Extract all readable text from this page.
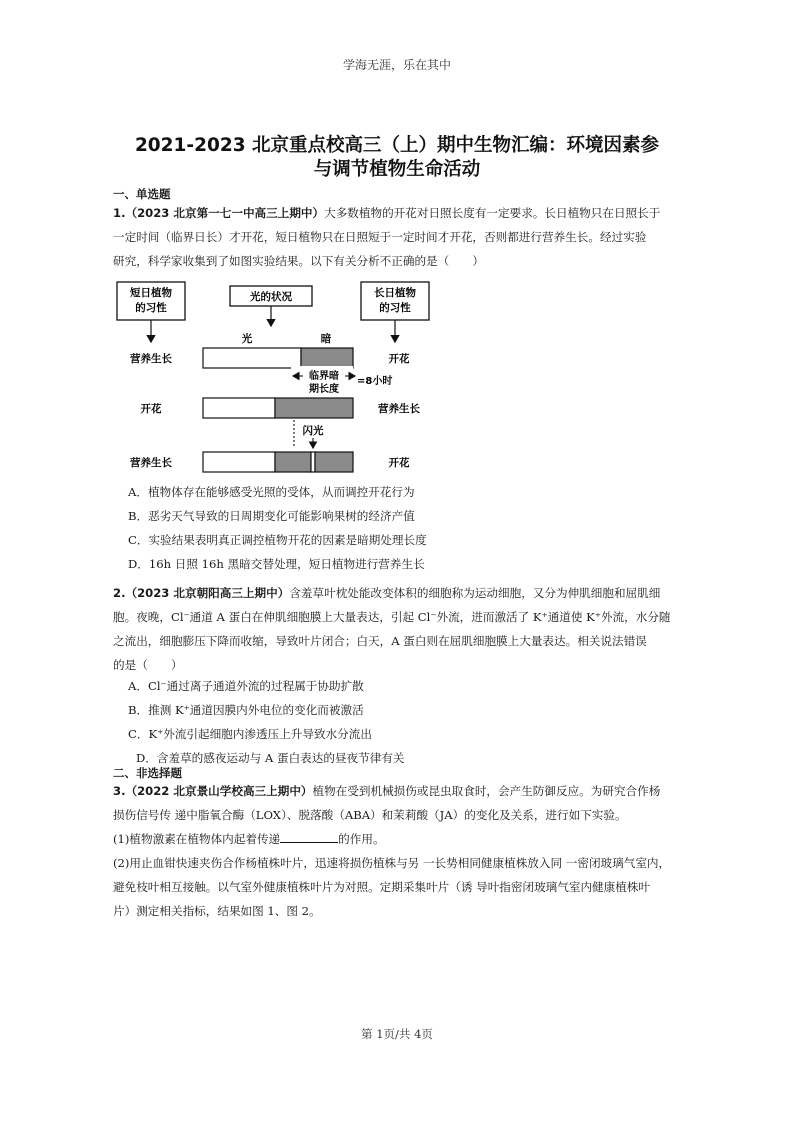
学海无涯，乐在其中
2021-2023 北京重点校高三（上）期中生物汇编：环境因素参
与调节植物生命活动
一、单选题
1.（2023 北京第一七一中高三上期中）大多数植物的开花对日照长度有一定要求。长日植物只在日照长于
一定时间（临界日长）才开花，短日植物只在日照短于一定时间才开花，否则都进行营养生长。经过实验
研究，科学家收集到了如图实验结果。以下有关分析不正确的是（　　）
短日植物
的习性
光的状况	长日植物
的习性
光	暗
营养生长	开花
临界暗
期长度
=8小时
开花	营养生长
闪光
营养生长	开花
A．植物体存在能够感受光照的受体，从而调控开花行为
B．恶劣天气导致的日周期变化可能影响果树的经济产值
C．实验结果表明真正调控植物开花的因素是暗期处理长度
D．16h 日照 16h 黑暗交替处理，短日植物进行营养生长
2.（2023 北京朝阳高三上期中）含羞草叶枕处能改变体积的细胞称为运动细胞，又分为伸肌细胞和屈肌细
胞。夜晚，Cl⁻通道 A 蛋白在伸肌细胞膜上大量表达，引起 Cl⁻外流，进而激活了 K⁺通道使 K⁺外流，水分随
之流出，细胞膨压下降而收缩，导致叶片闭合；白天，A 蛋白则在屈肌细胞膜上大量表达。相关说法错误
的是（　　）
A．Cl⁻通过离子通道外流的过程属于协助扩散
B．推测 K⁺通道因膜内外电位的变化而被激活
C．K⁺外流引起细胞内渗透压上升导致水分流出
D．含羞草的感夜运动与 A 蛋白表达的昼夜节律有关
二、非选择题
3.（2022 北京景山学校高三上期中）植物在受到机械损伤或昆虫取食时，会产生防御反应。为研究合作杨
损伤信号传 递中脂氧合酶（LOX）、脱落酸（ABA）和茉莉酸（JA）的变化及关系，进行如下实验。
(1)植物激素在植物体内起着传递	的作用。
(2)用止血钳快速夹伤合作杨植株叶片，迅速将损伤植株与另 一长势相同健康植株放入同 一密闭玻璃气室内，
避免枝叶相互接触。以气室外健康植株叶片为对照。定期采集叶片（诱 导叶指密闭玻璃气室内健康植株叶
片）测定相关指标，结果如图 1、图 2。
第 1页/共 4页
